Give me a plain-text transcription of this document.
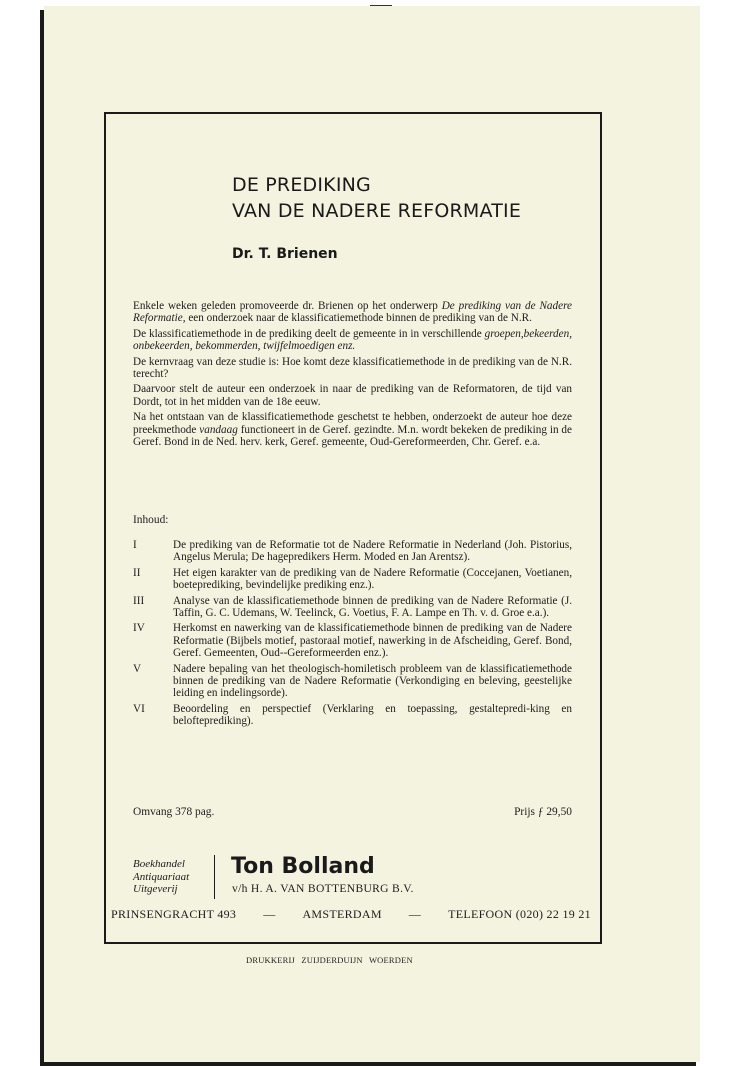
DE PREDIKING
VAN DE NADERE REFORMATIE
Dr. T. Brienen

Enkele weken geleden promoveerde dr. Brienen op het onderwerp De prediking van de Nadere Reformatie, een onderzoek naar de klassificatiemethode binnen de prediking van de N.R.

De klassificatiemethode in de prediking deelt de gemeente in in verschillende groepen,bekeerden, onbekeerden, bekommerden, twijfelmoedigen enz.

De kernvraag van deze studie is: Hoe komt deze klassificatiemethode in de prediking van de N.R. terecht?

Daarvoor stelt de auteur een onderzoek in naar de prediking van de Reformatoren, de tijd van Dordt, tot in het midden van de 18e eeuw.

Na het ontstaan van de klassificatiemethode geschetst te hebben, onderzoekt de auteur hoe deze preekmethode vandaag functioneert in de Geref. gezindte. M.n. wordt bekeken de prediking in de Geref. Bond in de Ned. herv. kerk, Geref. gemeente, Oud-Gereformeerden, Chr. Geref. e.a.

Inhoud:
I	De prediking van de Reformatie tot de Nadere Reformatie in Nederland (Joh. Pistorius, Angelus Merula; De hagepredikers Herm. Moded en Jan Arentsz).
II	Het eigen karakter van de prediking van de Nadere Reformatie (Coccejanen, Voetianen, boeteprediking, bevindelijke prediking enz.).
III	Analyse van de klassificatiemethode binnen de prediking van de Nadere Reformatie (J. Taffin, G. C. Udemans, W. Teelinck, G. Voetius, F. A. Lampe en Th. v. d. Groe e.a.).
IV	Herkomst en nawerking van de klassificatiemethode binnen de prediking van de Nadere Reformatie (Bijbels motief, pastoraal motief, nawerking in de Afscheiding, Geref. Bond, Geref. Gemeenten, Oud--Gereformeerden enz.).
V	Nadere bepaling van het theologisch-homiletisch probleem van de klassificatiemethode binnen de prediking van de Nadere Reformatie (Verkondiging en beleving, geestelijke leiding en indelingsorde).
VI	Beoordeling en perspectief (Verklaring en toepassing, gestaltepredi-king en belofteprediking).
Omvang 378 pag.	Prijs ƒ 29,50
Boekhandel
Antiquariaat
Uitgeverij
Ton Bolland
v/h H. A. VAN BOTTENBURG B.V.
PRINSENGRACHT 493 — AMSTERDAM — TELEFOON (020) 22 19 21
DRUKKERIJ ZUIJDERDUIJN WOERDEN
